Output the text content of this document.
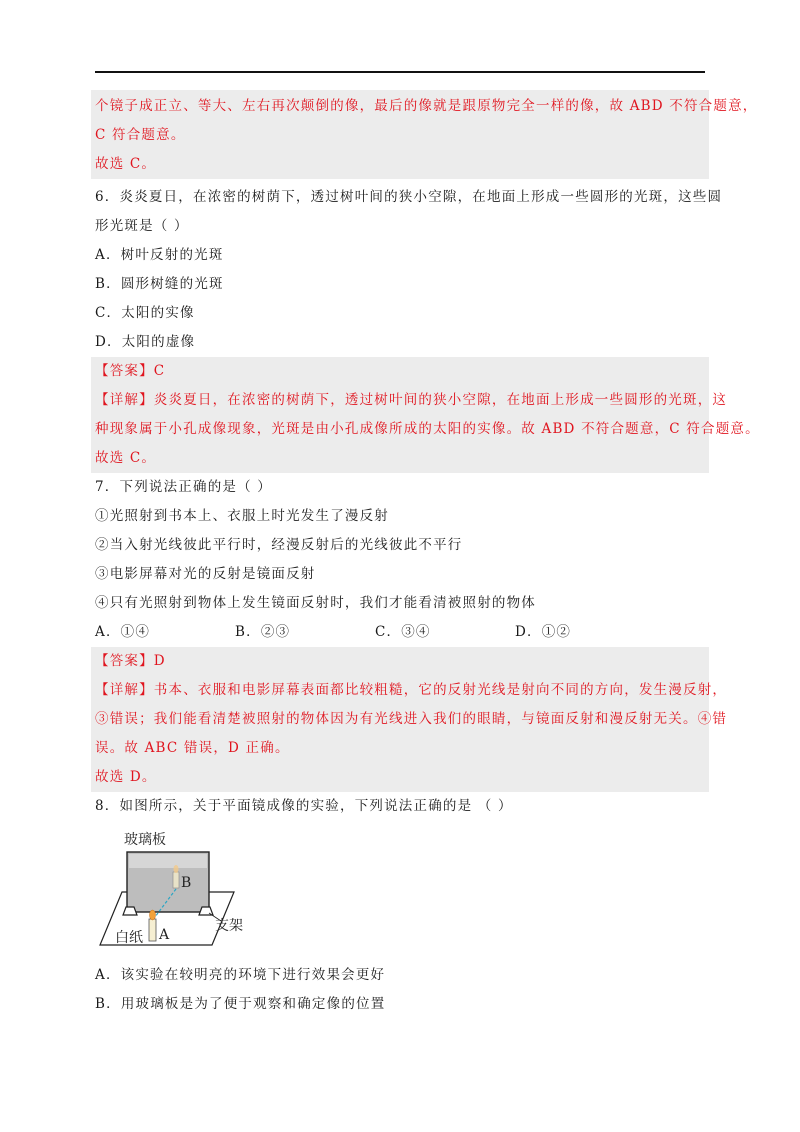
个镜子成正立、等大、左右再次颠倒的像，最后的像就是跟原物完全一样的像，故 ABD 不符合题意，
C 符合题意。
故选 C。
6．炎炎夏日，在浓密的树荫下，透过树叶间的狭小空隙，在地面上形成一些圆形的光斑，这些圆
形光斑是（ ）
A．树叶反射的光斑
B．圆形树缝的光斑
C．太阳的实像
D．太阳的虚像
【答案】C
【详解】炎炎夏日，在浓密的树荫下，透过树叶间的狭小空隙，在地面上形成一些圆形的光斑，这
种现象属于小孔成像现象，光斑是由小孔成像所成的太阳的实像。故 ABD 不符合题意，C 符合题意。
故选 C。
7．下列说法正确的是（ ）
①光照射到书本上、衣服上时光发生了漫反射
②当入射光线彼此平行时，经漫反射后的光线彼此不平行
③电影屏幕对光的反射是镜面反射
④只有光照射到物体上发生镜面反射时，我们才能看清被照射的物体
A．①④	B．②③	C．③④	D．①②
【答案】D
【详解】书本、衣服和电影屏幕表面都比较粗糙，它的反射光线是射向不同的方向，发生漫反射，
③错误；我们能看清楚被照射的物体因为有光线进入我们的眼睛，与镜面反射和漫反射无关。④错
误。故 ABC 错误，D 正确。
故选 D。
8．如图所示，关于平面镜成像的实验，下列说法正确的是 （ ）
玻璃板
B
白纸 A
支架
A．该实验在较明亮的环境下进行效果会更好
B．用玻璃板是为了便于观察和确定像的位置
